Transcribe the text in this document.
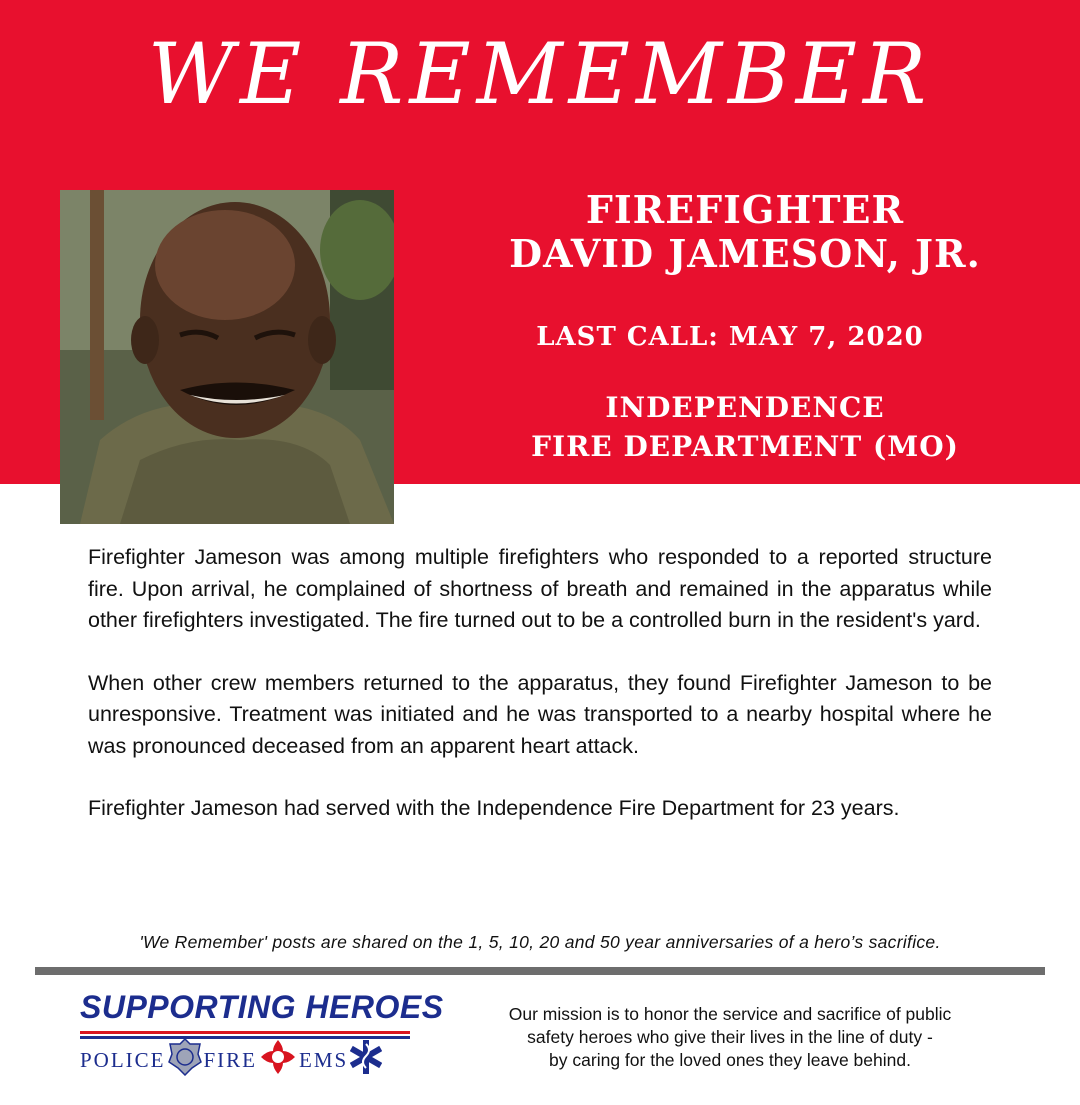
WE REMEMBER
FIREFIGHTER
DAVID JAMESON, JR.
LAST CALL: MAY 7, 2020
INDEPENDENCE
FIRE DEPARTMENT (MO)

Firefighter Jameson was among multiple firefighters who responded to a reported structure fire. Upon arrival, he complained of shortness of breath and remained in the apparatus while other firefighters investigated. The fire turned out to be a controlled burn in the resident's yard.

When other crew members returned to the apparatus, they found Firefighter Jameson to be unresponsive. Treatment was initiated and he was transported to a nearby hospital where he was pronounced deceased from an apparent heart attack.

Firefighter Jameson had served with the Independence Fire Department for 23 years.

'We Remember' posts are shared on the 1, 5, 10, 20 and 50 year anniversaries of a hero’s sacrifice.
SUPPORTING HEROES
POLICE FIRE EMS
Our mission is to honor the service and sacrifice of public
safety heroes who give their lives in the line of duty -
by caring for the loved ones they leave behind.
